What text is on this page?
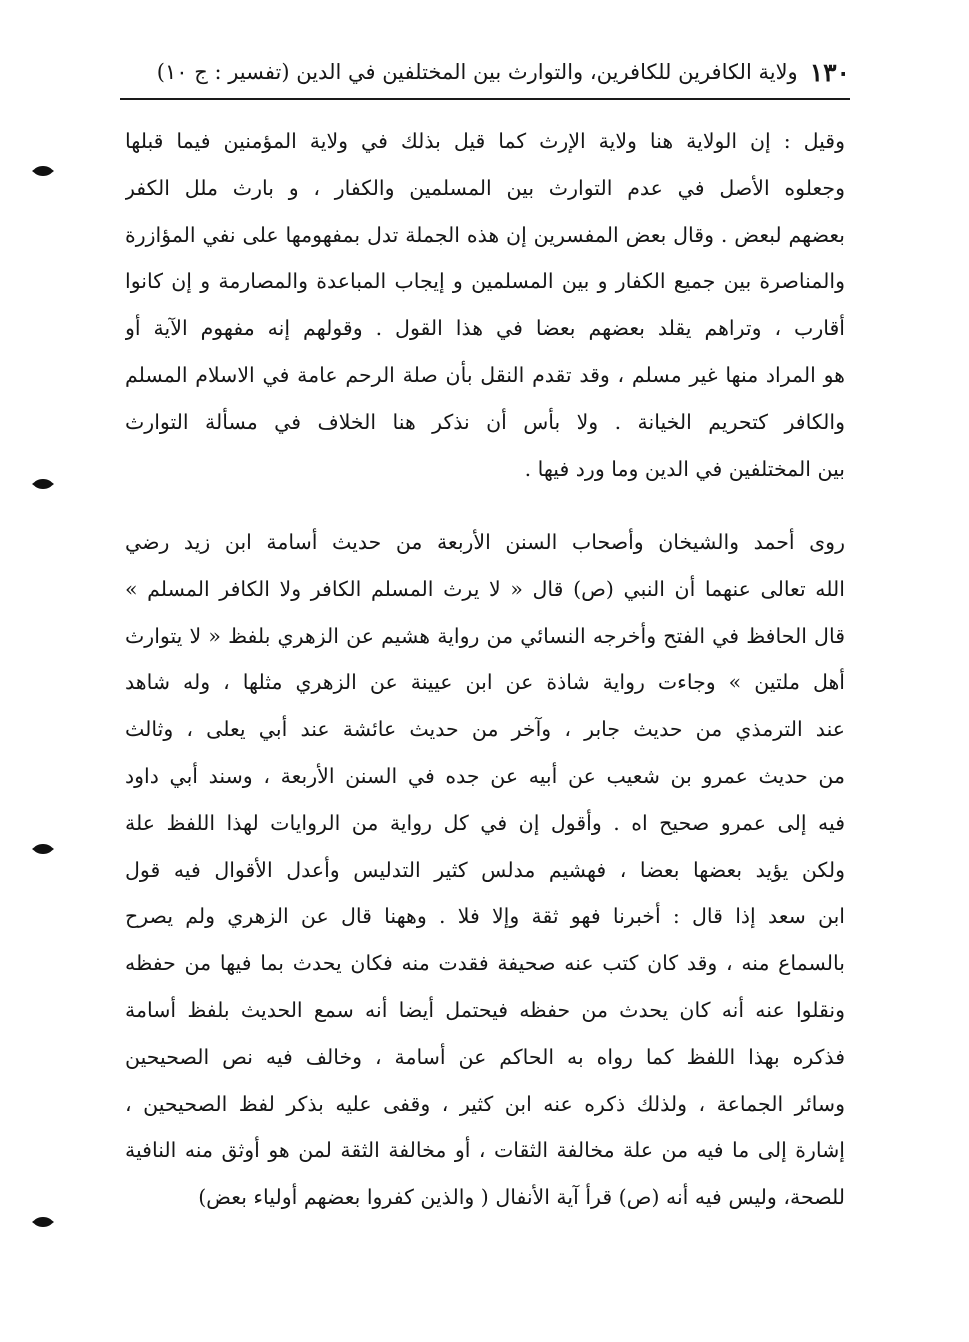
١٣٠
ولاية الكافرين للكافرين، والتوارث بين المختلفين في الدين (تفسير : ج ١٠)
وقيل : إن الولاية هنا ولاية الإرث كما قيل بذلك في ولاية المؤمنين فيما قبلها
وجعلوه الأصل في عدم التوارث بين المسلمين والكفار ، و بارث ملل الكفر
بعضهم لبعض . وقال بعض المفسرين إن هذه الجملة تدل بمفهومها على نفي المؤازرة
والمناصرة بين جميع الكفار و بين المسلمين و إيجاب المباعدة والمصارمة و إن كانوا
أقارب ، وتراهم يقلد بعضهم بعضا في هذا القول . وقولهم إنه مفهوم الآية أو
هو المراد منها غير مسلم ، وقد تقدم النقل بأن صلة الرحم عامة في الاسلام المسلم
والكافر كتحريم الخيانة . ولا بأس أن نذكر هنا الخلاف في مسألة التوارث
بين المختلفين في الدين وما ورد فيها .
روى أحمد والشيخان وأصحاب السنن الأربعة من حديث أسامة ابن زيد رضي
الله تعالى عنهما أن النبي (ص) قال « لا يرث المسلم الكافر ولا الكافر المسلم »
قال الحافظ في الفتح وأخرجه النسائي من رواية هشيم عن الزهري بلفظ « لا يتوارث
أهل ملتين » وجاءت رواية شاذة عن ابن عيينة عن الزهري مثلها ، وله شاهد
عند الترمذي من حديث جابر ، وآخر من حديث عائشة عند أبي يعلى ، وثالث
من حديث عمرو بن شعيب عن أبيه عن جده في السنن الأربعة ، وسند أبي داود
فيه إلى عمرو صحيح اه . وأقول إن في كل رواية من الروايات لهذا اللفظ علة
ولكن يؤيد بعضها بعضا ، فهشيم مدلس كثير التدليس وأعدل الأقوال فيه قول
ابن سعد إذا قال : أخبرنا فهو ثقة وإلا فلا . وههنا قال عن الزهري ولم يصرح
بالسماع منه ، وقد كان كتب عنه صحيفة فقدت منه فكان يحدث بما فيها من حفظه
ونقلوا عنه أنه كان يحدث من حفظه فيحتمل أيضا أنه سمع الحديث بلفظ أسامة
فذكره بهذا اللفظ كما رواه به الحاكم عن أسامة ، وخالف فيه نص الصحيحين
وسائر الجماعة ، ولذلك ذكره عنه ابن كثير ، وقفى عليه بذكر لفظ الصحيحين ،
إشارة إلى ما فيه من علة مخالفة الثقات ، أو مخالفة الثقة لمن هو أوثق منه النافية
للصحة، وليس فيه أنه (ص) قرأ آية الأنفال ( والذين كفروا بعضهم أولياء بعض)
